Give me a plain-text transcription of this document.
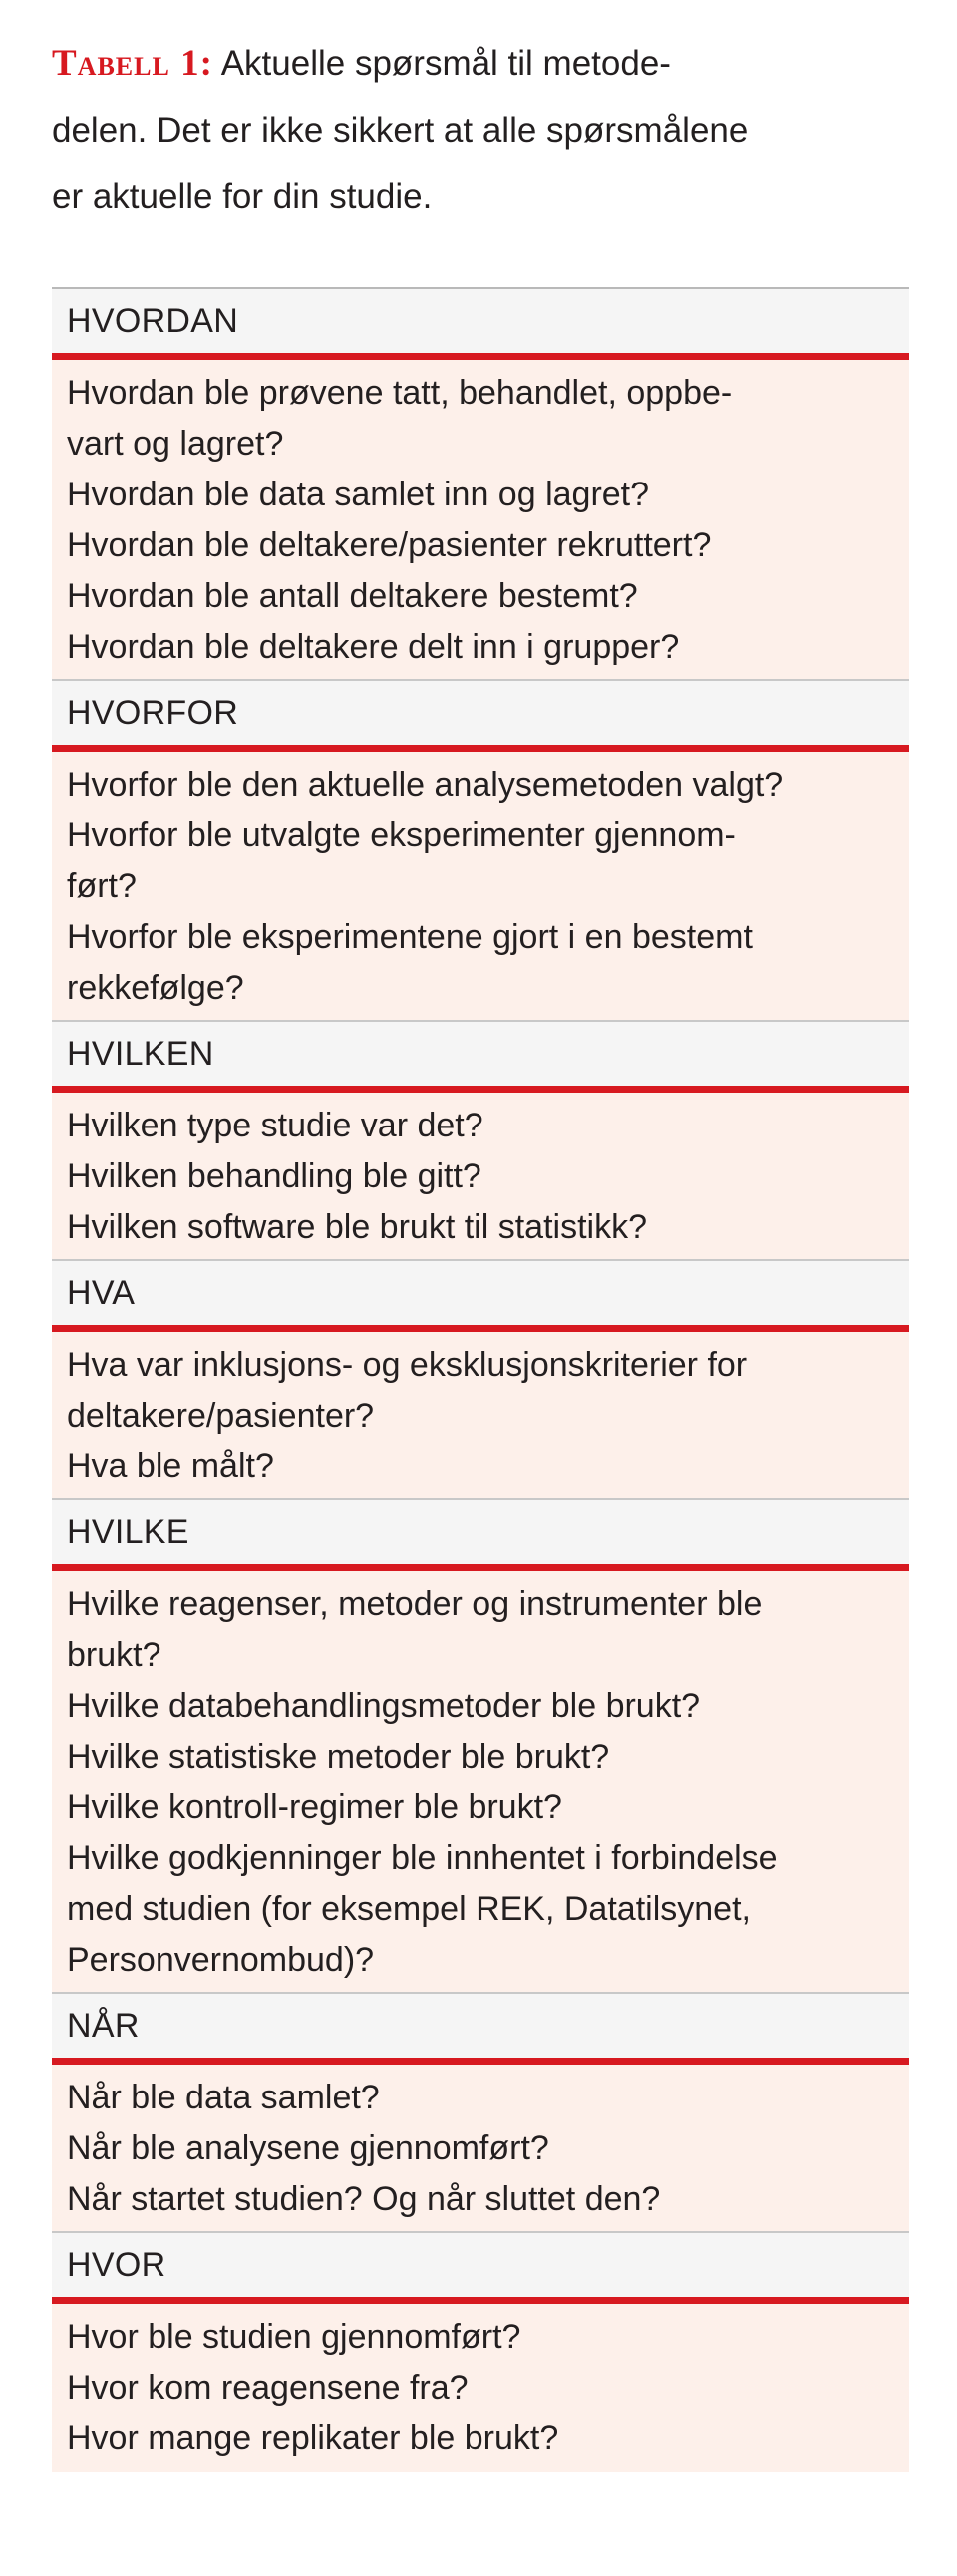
Tabell 1: Aktuelle spørsmål til metode-
delen. Det er ikke sikkert at alle spørsmålene
er aktuelle for din studie.
HVORDAN
Hvordan ble prøvene tatt, behandlet, oppbe-
vart og lagret?
Hvordan ble data samlet inn og lagret?
Hvordan ble deltakere/pasienter rekruttert?
Hvordan ble antall deltakere bestemt?
Hvordan ble deltakere delt inn i grupper?
HVORFOR
Hvorfor ble den aktuelle analysemetoden valgt?
Hvorfor ble utvalgte eksperimenter gjennom-
ført?
Hvorfor ble eksperimentene gjort i en bestemt
rekkefølge?
HVILKEN
Hvilken type studie var det?
Hvilken behandling ble gitt?
Hvilken software ble brukt til statistikk?
HVA
Hva var inklusjons- og eksklusjonskriterier for
deltakere/pasienter?
Hva ble målt?
HVILKE
Hvilke reagenser, metoder og instrumenter ble
brukt?
Hvilke databehandlingsmetoder ble brukt?
Hvilke statistiske metoder ble brukt?
Hvilke kontroll-regimer ble brukt?
Hvilke godkjenninger ble innhentet i forbindelse
med studien (for eksempel REK, Datatilsynet,
Personvernombud)?
NÅR
Når ble data samlet?
Når ble analysene gjennomført?
Når startet studien? Og når sluttet den?
HVOR
Hvor ble studien gjennomført?
Hvor kom reagensene fra?
Hvor mange replikater ble brukt?
